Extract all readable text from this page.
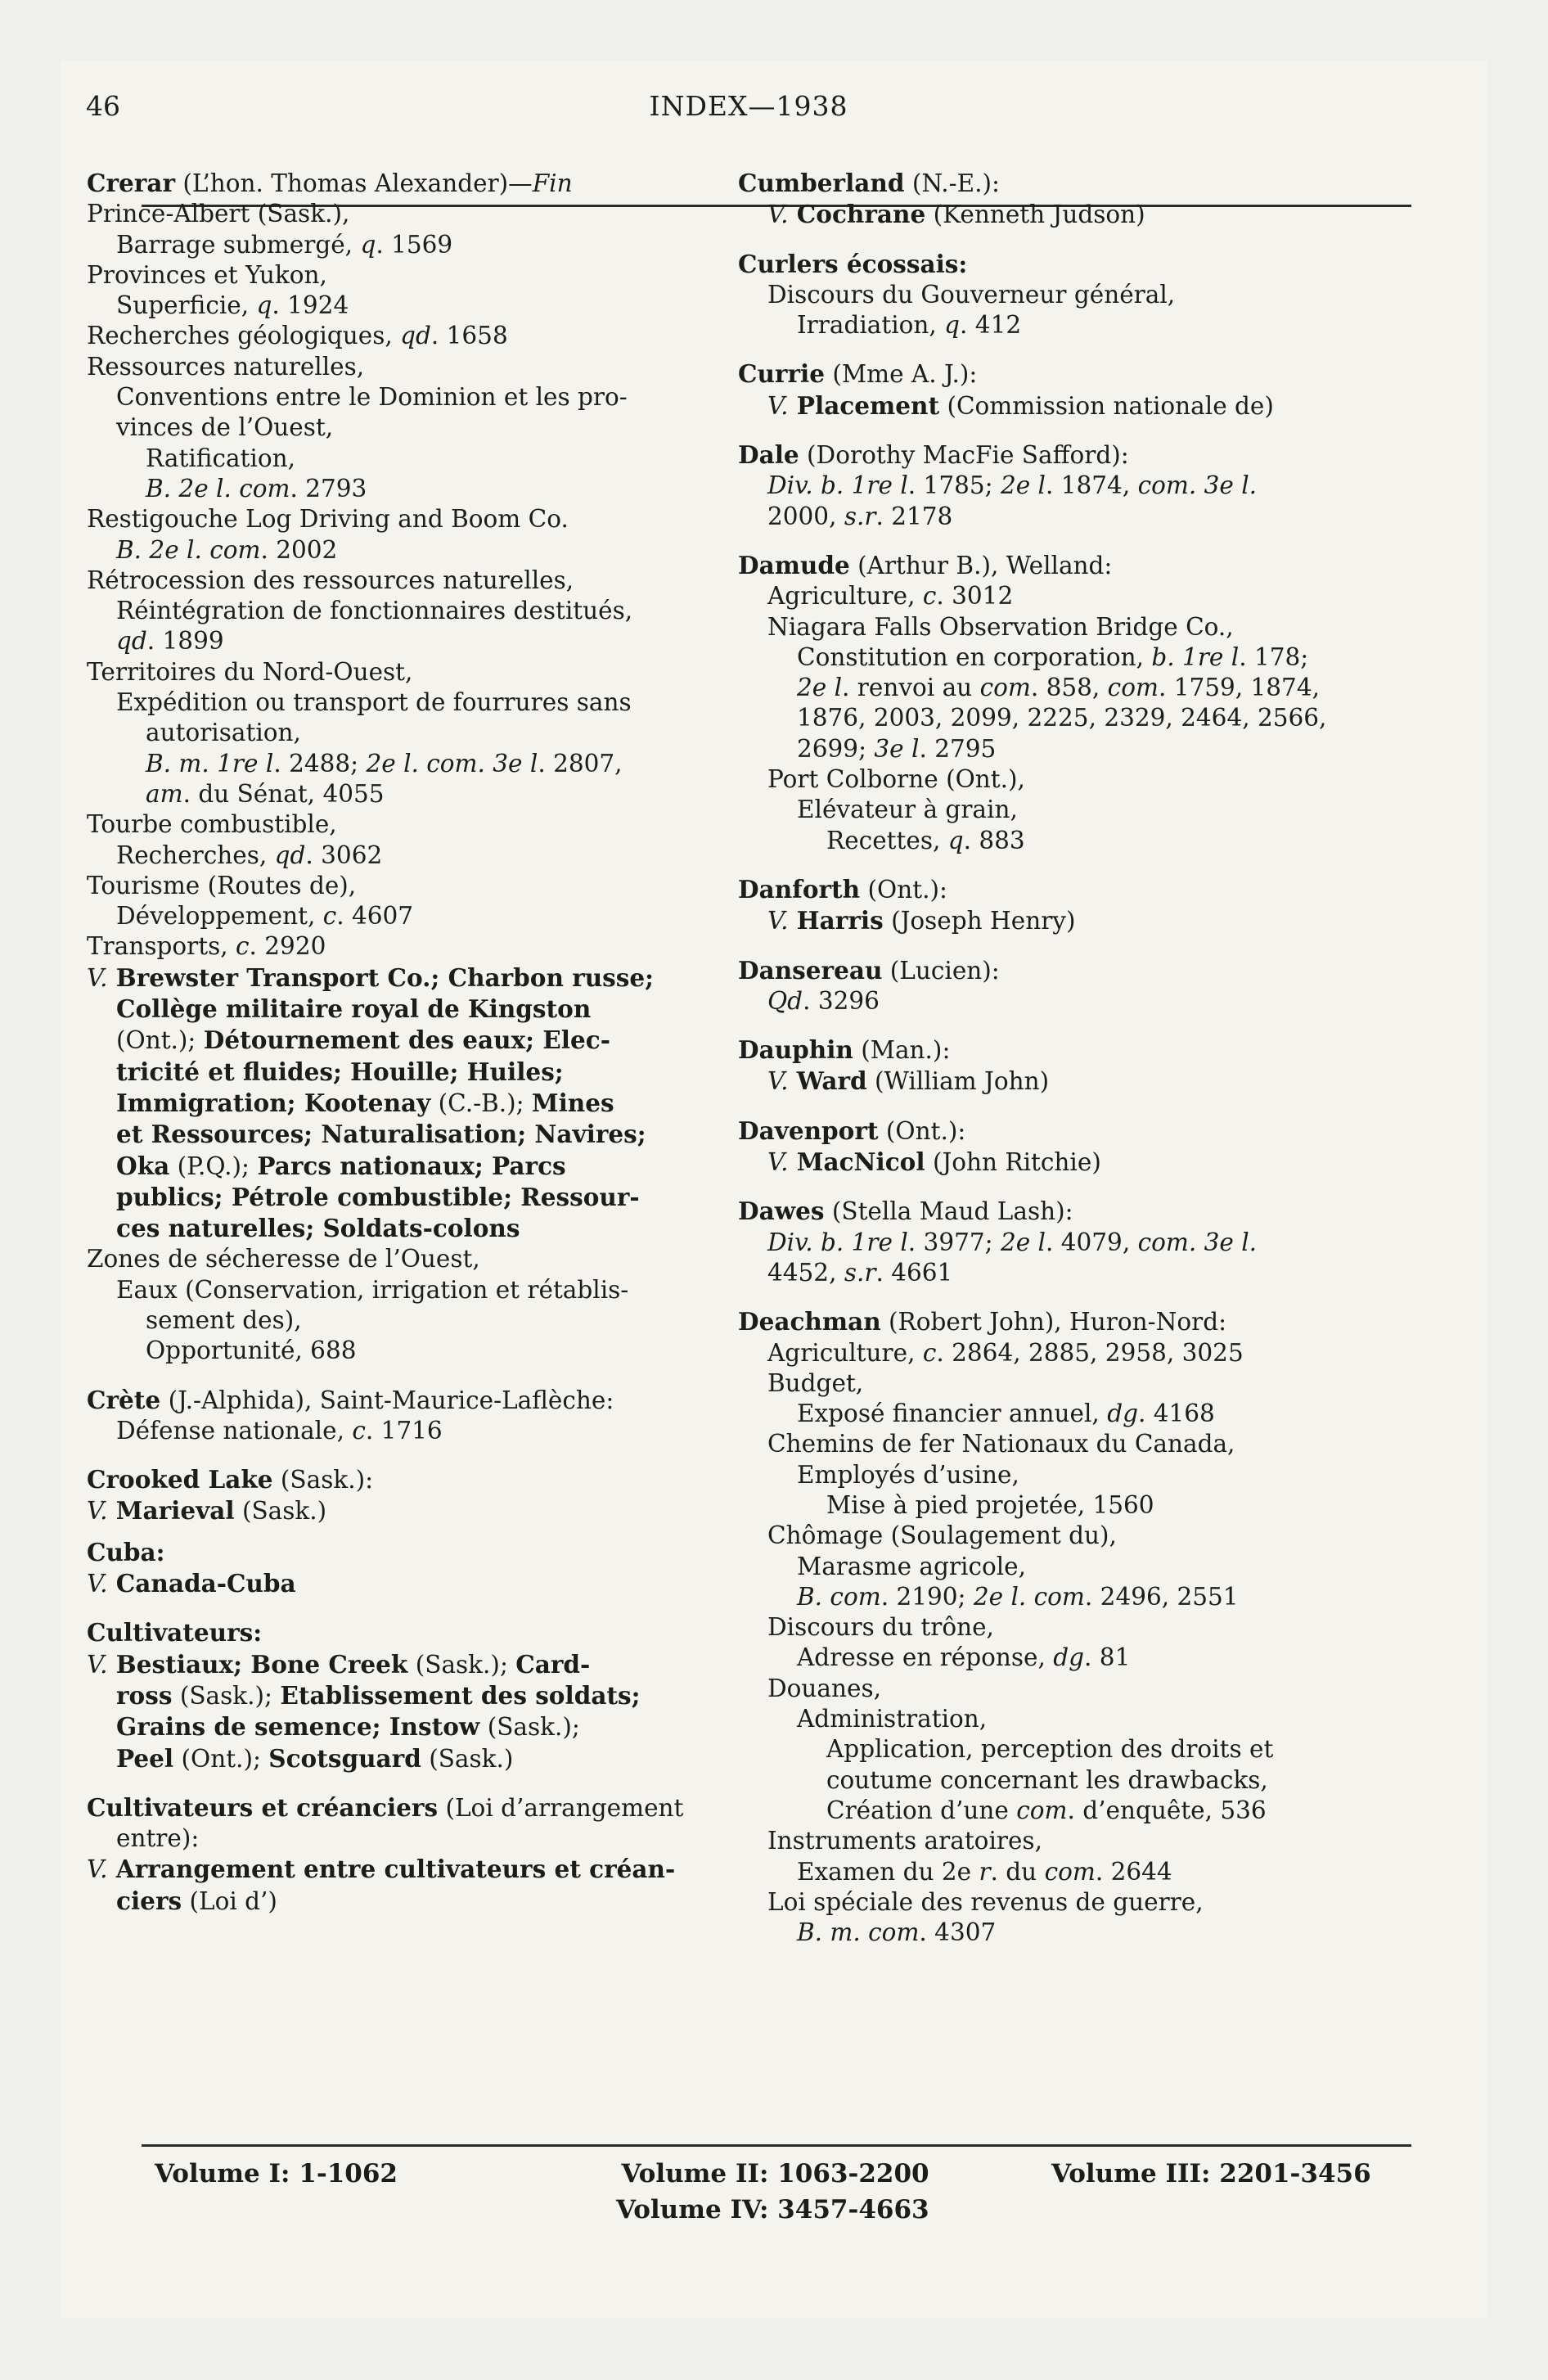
46	INDEX—1938
Crerar (L’hon. Thomas Alexander)—Fin
Prince-Albert (Sask.),
Barrage submergé, q. 1569
Provinces et Yukon,
Superficie, q. 1924
Recherches géologiques, qd. 1658
Ressources naturelles,
Conventions entre le Dominion et les pro-
vinces de l’Ouest,
Ratification,
B. 2e l. com. 2793
Restigouche Log Driving and Boom Co.
B. 2e l. com. 2002
Rétrocession des ressources naturelles,
Réintégration de fonctionnaires destitués,
qd. 1899
Territoires du Nord-Ouest,
Expédition ou transport de fourrures sans
autorisation,
B. m. 1re l. 2488; 2e l. com. 3e l. 2807,
am. du Sénat, 4055
Tourbe combustible,
Recherches, qd. 3062
Tourisme (Routes de),
Développement, c. 4607
Transports, c. 2920
V. Brewster Transport Co.; Charbon russe;
Collège militaire royal de Kingston
(Ont.); Détournement des eaux; Elec-
tricité et fluides; Houille; Huiles;
Immigration; Kootenay (C.-B.); Mines
et Ressources; Naturalisation; Navires;
Oka (P.Q.); Parcs nationaux; Parcs
publics; Pétrole combustible; Ressour-
ces naturelles; Soldats-colons
Zones de sécheresse de l’Ouest,
Eaux (Conservation, irrigation et rétablis-
sement des),
Opportunité, 688
Crète (J.-Alphida), Saint-Maurice-Laflèche:
Défense nationale, c. 1716
Crooked Lake (Sask.):
V. Marieval (Sask.)
Cuba:
V. Canada-Cuba
Cultivateurs:
V. Bestiaux; Bone Creek (Sask.); Card-
ross (Sask.); Etablissement des soldats;
Grains de semence; Instow (Sask.);
Peel (Ont.); Scotsguard (Sask.)
Cultivateurs et créanciers (Loi d’arrangement
entre):
V. Arrangement entre cultivateurs et créan-
ciers (Loi d’)
Cumberland (N.-E.):
V. Cochrane (Kenneth Judson)
Curlers écossais:
Discours du Gouverneur général,
Irradiation, q. 412
Currie (Mme A. J.):
V. Placement (Commission nationale de)
Dale (Dorothy MacFie Safford):
Div. b. 1re l. 1785; 2e l. 1874, com. 3e l.
2000, s.r. 2178
Damude (Arthur B.), Welland:
Agriculture, c. 3012
Niagara Falls Observation Bridge Co.,
Constitution en corporation, b. 1re l. 178;
2e l. renvoi au com. 858, com. 1759, 1874,
1876, 2003, 2099, 2225, 2329, 2464, 2566,
2699; 3e l. 2795
Port Colborne (Ont.),
Elévateur à grain,
Recettes, q. 883
Danforth (Ont.):
V. Harris (Joseph Henry)
Dansereau (Lucien):
Qd. 3296
Dauphin (Man.):
V. Ward (William John)
Davenport (Ont.):
V. MacNicol (John Ritchie)
Dawes (Stella Maud Lash):
Div. b. 1re l. 3977; 2e l. 4079, com. 3e l.
4452, s.r. 4661
Deachman (Robert John), Huron-Nord:
Agriculture, c. 2864, 2885, 2958, 3025
Budget,
Exposé financier annuel, dg. 4168
Chemins de fer Nationaux du Canada,
Employés d’usine,
Mise à pied projetée, 1560
Chômage (Soulagement du),
Marasme agricole,
B. com. 2190; 2e l. com. 2496, 2551
Discours du trône,
Adresse en réponse, dg. 81
Douanes,
Administration,
Application, perception des droits et
coutume concernant les drawbacks,
Création d’une com. d’enquête, 536
Instruments aratoires,
Examen du 2e r. du com. 2644
Loi spéciale des revenus de guerre,
B. m. com. 4307
Volume I: 1-1062	Volume II: 1063-2200
Volume IV: 3457-4663
Volume III: 2201-3456
